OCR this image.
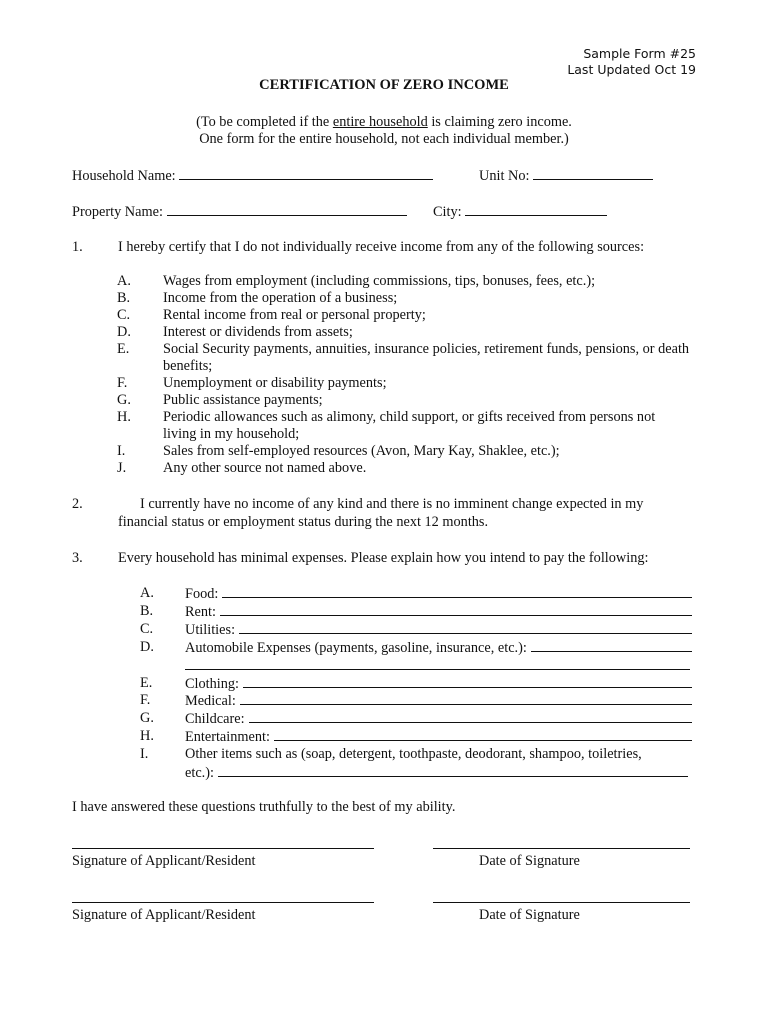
Sample Form #25
Last Updated Oct 19
CERTIFICATION OF ZERO INCOME
(To be completed if the entire household is claiming zero income.
One form for the entire household, not each individual member.)
Household Name:	Unit No:
Property Name:	City:
1. I hereby certify that I do not individually receive income from any of the following sources:
A. Wages from employment (including commissions, tips, bonuses, fees, etc.);
B. Income from the operation of a business;
C. Rental income from real or personal property;
D. Interest or dividends from assets;
E. Social Security payments, annuities, insurance policies, retirement funds, pensions, or death
benefits;
F. Unemployment or disability payments;
G. Public assistance payments;
H. Periodic allowances such as alimony, child support, or gifts received from persons not
living in my household;
I.	Sales from self-employed resources (Avon, Mary Kay, Shaklee, etc.);
J.	Any other source not named above.
2.	I currently have no income of any kind and there is no imminent change expected in my
financial status or employment status during the next 12 months.
3. Every household has minimal expenses. Please explain how you intend to pay the following:
A. Food:
B. Rent:
C. Utilities:
D. Automobile Expenses (payments, gasoline, insurance, etc.):
E. Clothing:
F. Medical:
G. Childcare:
H. Entertainment:
I.	Other items such as (soap, detergent, toothpaste, deodorant, shampoo, toiletries,
etc.):
I have answered these questions truthfully to the best of my ability.
Signature of Applicant/Resident	Date of Signature
Signature of Applicant/Resident	Date of Signature
